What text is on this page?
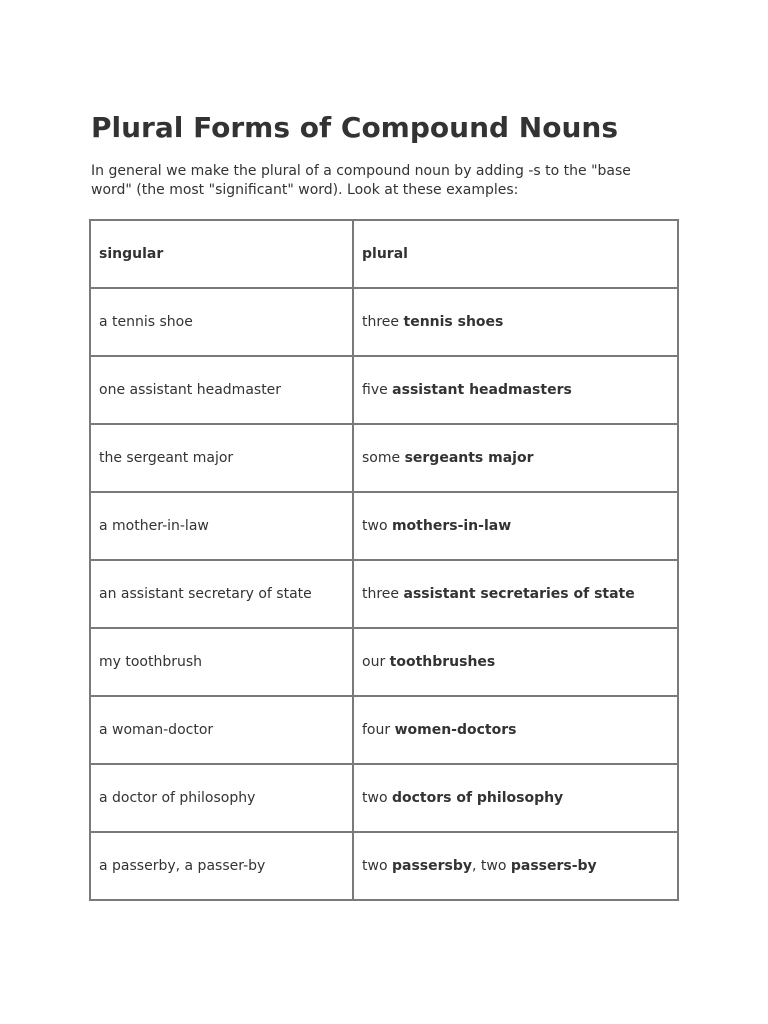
Plural Forms of Compound Nouns

In general we make the plural of a compound noun by adding -s to the "base word" (the most "significant" word). Look at these examples:

singular	plural
a tennis shoe	three tennis shoes
one assistant headmaster	five assistant headmasters
the sergeant major	some sergeants major
a mother-in-law	two mothers-in-law
an assistant secretary of state	three assistant secretaries of state
my toothbrush	our toothbrushes
a woman-doctor	four women-doctors
a doctor of philosophy	two doctors of philosophy
a passerby, a passer-by	two passersby, two passers-by
